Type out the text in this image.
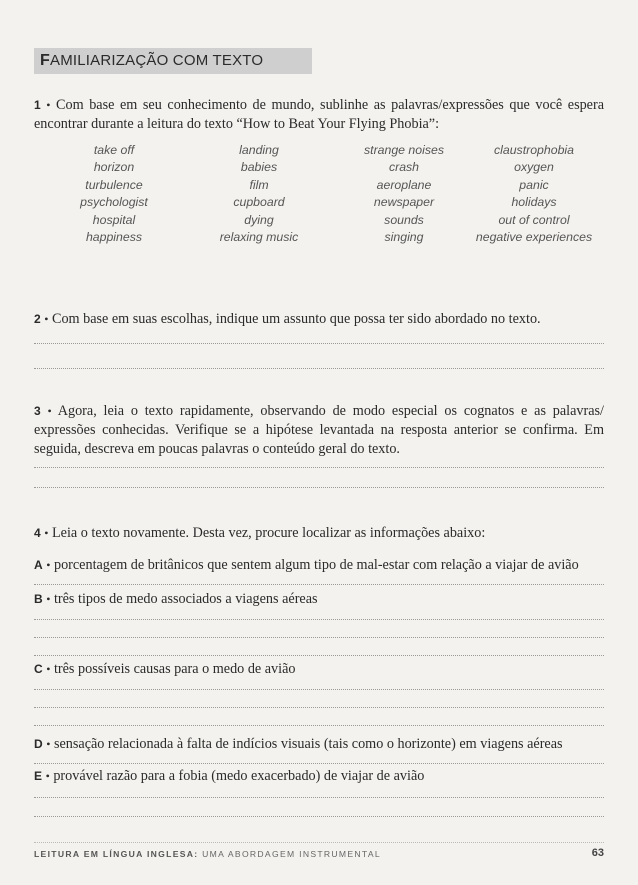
FAMILIARIZAÇÃO COM TEXTO

1 • Com base em seu conhecimento de mundo, sublinhe as palavras/expressões que você espera encontrar durante a leitura do texto “How to Beat Your Flying Phobia”:

take off
horizon
turbulence
psychologist
hospital
happiness
landing
babies
film
cupboard
dying
relaxing music
strange noises
crash
aeroplane
newspaper
sounds
singing
claustrophobia
oxygen
panic
holidays
out of control
negative experiences

2 • Com base em suas escolhas, indique um assunto que possa ter sido abordado no texto.

3 • Agora, leia o texto rapidamente, observando de modo especial os cognatos e as palavras/ expressões conhecidas. Verifique se a hipótese levantada na resposta anterior se confirma. Em seguida, descreva em poucas palavras o conteúdo geral do texto.

4 • Leia o texto novamente. Desta vez, procure localizar as informações abaixo:

A • porcentagem de britânicos que sentem algum tipo de mal-estar com relação a viajar de avião

B • três tipos de medo associados a viagens aéreas

C • três possíveis causas para o medo de avião

D • sensação relacionada à falta de indícios visuais (tais como o horizonte) em viagens aéreas

E • provável razão para a fobia (medo exacerbado) de viajar de avião

LEITURA EM LÍNGUA INGLESA: UMA ABORDAGEM INSTRUMENTAL	63
